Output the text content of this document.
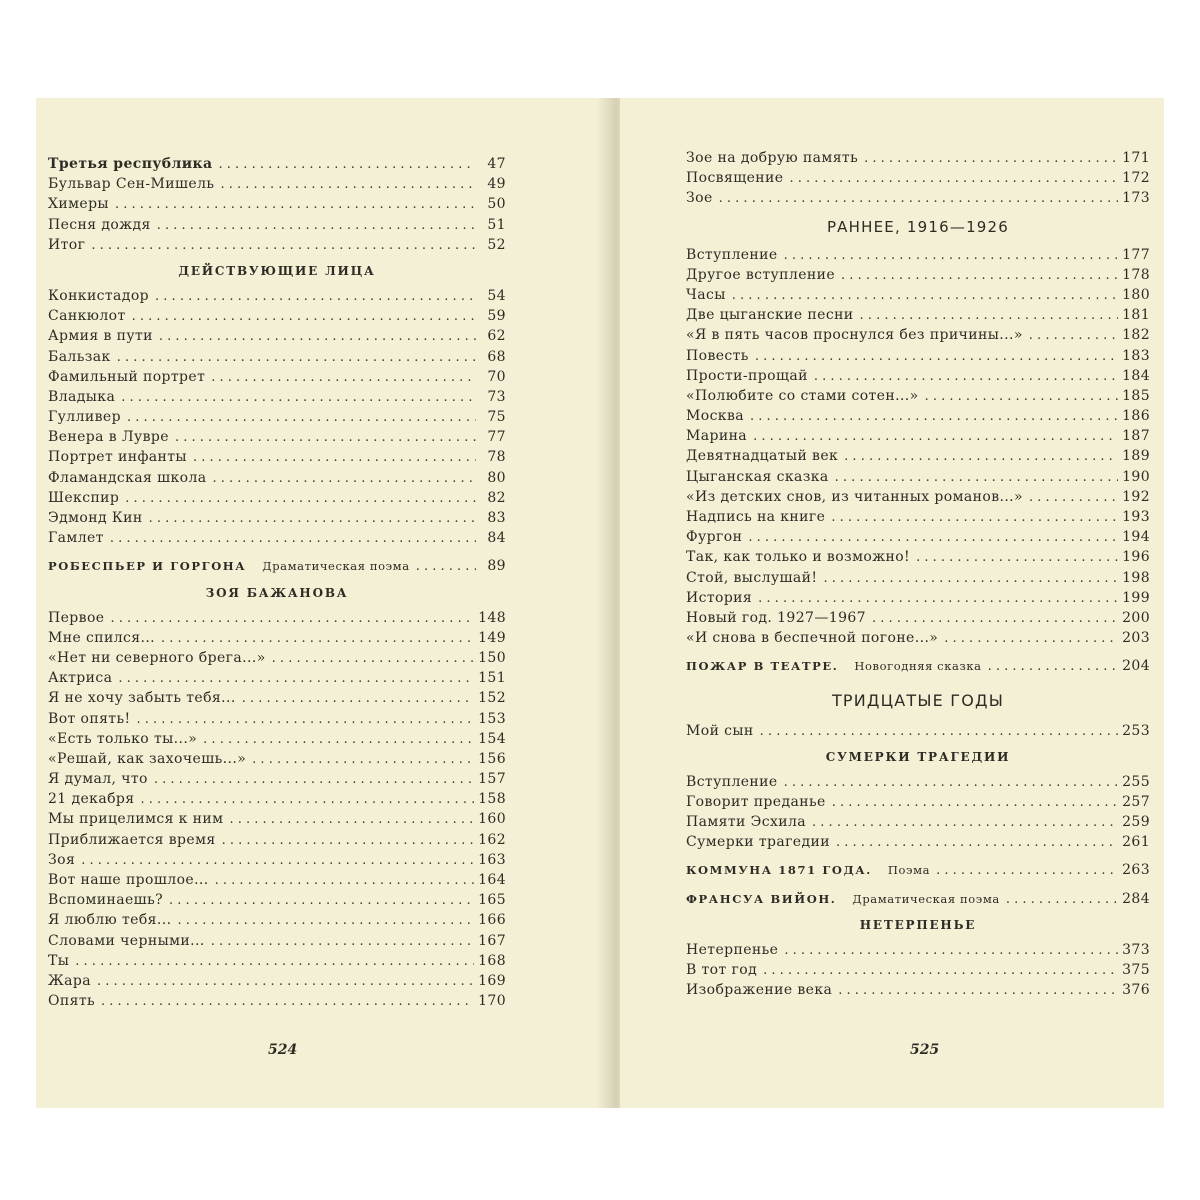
Третья республика . . .	47
Бульвар Сен-Мишель . . .	49
Химеры . . .	50
Песня дождя . . .	51
Итог . . .	52
ДЕЙСТВУЮЩИЕ ЛИЦА
Конкистадор . . .	54
Санкюлот . . .	59
Армия в пути . . .	62
Бальзак . . .	68
Фамильный портрет . . .	70
Владыка . . .	73
Гулливер . . .	75
Венера в Лувре . . .	77
Портрет инфанты . . .	78
Фламандская школа . . .	80
Шекспир . . .	82
Эдмонд Кин . . .	83
Гамлет . . .	84
РОБЕСПЬЕР И ГОРГОНА	Драматическая поэма . . .	89
ЗОЯ БАЖАНОВА
Первое . . .	148
Мне спился... . . .	149
«Нет ни северного брега...» . . .	150
Актриса . . .	151
Я не хочу забыть тебя... . . .	152
Вот опять! . . .	153
«Есть только ты...» . . .	154
«Решай, как захочешь...» . . .	156
Я думал, что . . .	157
21 декабря . . .	158
Мы прицелимся к ним . . .	160
Приближается время . . .	162
Зоя . . .	163
Вот наше прошлое... . . .	164
Вспоминаешь? . . .	165
Я люблю тебя... . . .	166
Словами черными... . . .	167
Ты . . .	168
Жара . . .	169
Опять . . .	170
524
Зое на добрую память . . .	171
Посвящение . . .	172
Зое . . .	173
РАННЕЕ, 1916—1926
Вступление . . .	177
Другое вступление . . .	178
Часы . . .	180
Две цыганские песни . . .	181
«Я в пять часов проснулся без причины...» . . .	182
Повесть . . .	183
Прости-прощай . . .	184
«Полюбите со стами сотен...» . . .	185
Москва . . .	186
Марина . . .	187
Девятнадцатый век . . .	189
Цыганская сказка . . .	190
«Из детских снов, из читанных романов...» . . .	192
Надпись на книге . . .	193
Фургон . . .	194
Так, как только и возможно! . . .	196
Стой, выслушай! . . .	198
История . . .	199
Новый год. 1927—1967 . . .	200
«И снова в беспечной погоне...» . . .	203
ПОЖАР В ТЕАТРЕ.	Новогодняя сказка . . .	204
ТРИДЦАТЫЕ ГОДЫ
Мой сын . . .	253
СУМЕРКИ ТРАГЕДИИ
Вступление . . .	255
Говорит преданье . . .	257
Памяти Эсхила . . .	259
Сумерки трагедии . . .	261
КОММУНА 1871 ГОДА.	Поэма . . .	263
ФРАНСУА ВИЙОН.	Драматическая поэма . . .	284
НЕТЕРПЕНЬЕ
Нетерпенье . . .	373
В тот год . . .	375
Изображение века . . .	376
525
